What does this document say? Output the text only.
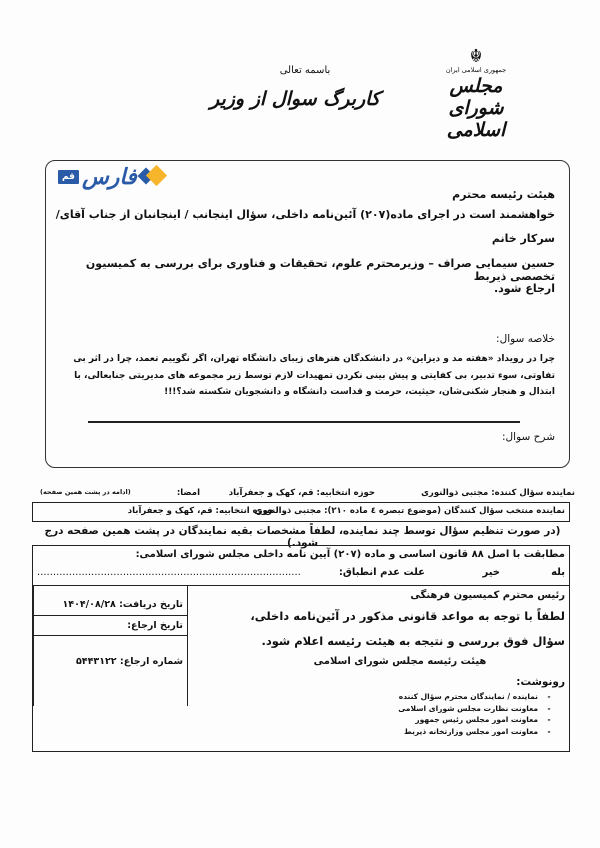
☬
جمهوری اسلامی ایران
مجلس شورای اسلامی
باسمه تعالی
کاربرگ سوال از وزیر
قم فارس
هیئت رئیسه محترم
خواهشمند است در اجرای ماده(۲۰۷) آئین‌نامه داخلی، سؤال اینجانب / اینجانبان از جناب آقای/
سرکار خانم
حسین سیمایی صراف – وزیرمحترم علوم، تحقیقات و فناوری برای بررسی به کمیسیون تخصصی ذیربط
ارجاع شود.
خلاصه سوال:
چرا در رویداد «هفته مد و دیزاین» در دانشکدگان هنرهای زیبای دانشگاه تهران، اگر نگوییم تعمد، چرا در اثر بی تفاوتی، سوء تدبیر، بی کفایتی و پیش بینی نکردن تمهیدات لازم توسط زیر مجموعه های مدیریتی جنابعالی، با ابتذال و هنجار شکنی‌شان، حیثیت، حرمت و قداست دانشگاه و دانشجویان شکسته شد؟!!!
شرح سوال:
نماینده سؤال کننده: مجتبی ذوالنوری
حوزه انتخابیه: قم، کهک و جعفرآباد
امضا:
(ادامه در پشت همین صفحه)
نماینده منتخب سؤال کنندگان (موضوع تبصره ٤ ماده ۲۱۰): مجتبی ذوالنوری
حوزه انتخابیه: قم، کهک و جعفرآباد
(در صورت تنظیم سؤال توسط چند نماینده، لطفاً مشخصات بقیه نمایندگان در پشت همین صفحه درج شود.)
مطابقت با اصل ۸۸ قانون اساسی و ماده (۲۰۷) آیین نامه داخلی مجلس شورای اسلامی:
بله
خیر
علت عدم انطباق:
...................................................................................
تاریخ دریافت: ۱۴۰۴/۰۸/۲۸
تاریخ ارجاع:
شماره ارجاع: ۵۴۴۳۱۲۲
رئیس محترم کمیسیون فرهنگی
لطفاً با توجه به مواعد قانونی مذکور در آئین‌نامه داخلی،
سؤال فوق بررسی و نتیجه به هیئت رئیسه اعلام شود.
هیئت رئیسه مجلس شورای اسلامی
رونوشت:
-نماینده / نمایندگان محترم سؤال کننده
-معاونت نظارت مجلس شورای اسلامی
-معاونت امور مجلس رئیس جمهور
-معاونت امور مجلس وزارتخانه ذیربط
